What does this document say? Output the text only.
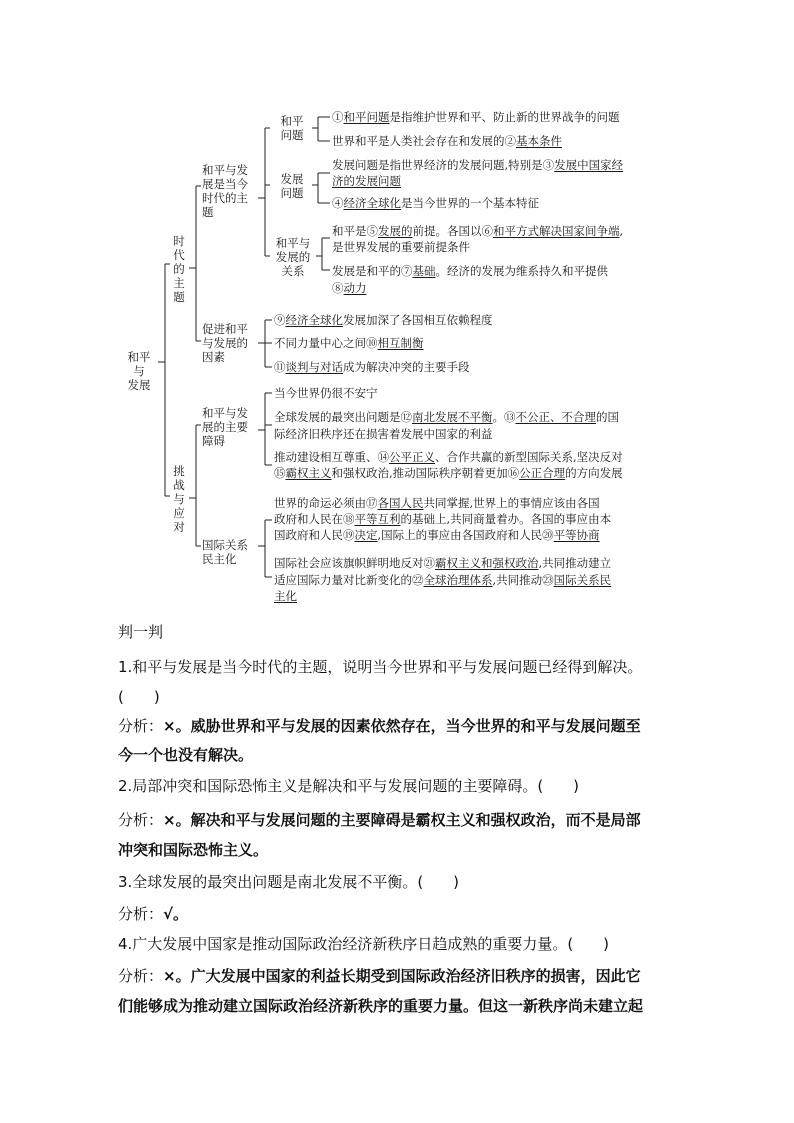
和平
与
发展
时
代
的
主
题
挑
战
与
应
对
和平与发
展是当今
时代的主
题
促进和平
与发展的
因素
和平与发
展的主要
障碍
国际关系
民主化
和平
问题
发展
问题
和平与
发展的
关系
①和平问题是指维护世界和平、防止新的世界战争的问题
世界和平是人类社会存在和发展的②基本条件
发展问题是指世界经济的发展问题,特别是③发展中国家经
济的发展问题
④经济全球化是当今世界的一个基本特征
和平是⑤发展的前提。各国以⑥和平方式解决国家间争端,
是世界发展的重要前提条件
发展是和平的⑦基础。经济的发展为维系持久和平提供
⑧动力
⑨经济全球化发展加深了各国相互依赖程度
不同力量中心之间⑩相互制衡
⑪谈判与对话成为解决冲突的主要手段
当今世界仍很不安宁
全球发展的最突出问题是⑫南北发展不平衡。⑬不公正、不合理的国
际经济旧秩序还在损害着发展中国家的利益
推动建设相互尊重、⑭公平正义、合作共赢的新型国际关系,坚决反对
⑮霸权主义和强权政治,推动国际秩序朝着更加⑯公正合理的方向发展
世界的命运必须由⑰各国人民共同掌握,世界上的事情应该由各国
政府和人民在⑱平等互利的基础上,共同商量着办。各国的事应由本
国政府和人民⑲决定,国际上的事应由各国政府和人民⑳平等协商
国际社会应该旗帜鲜明地反对㉑霸权主义和强权政治,共同推动建立
适应国际力量对比新变化的㉒全球治理体系,共同推动㉓国际关系民
主化
判一判
1.和平与发展是当今时代的主题，说明当今世界和平与发展问题已经得到解决。
(　　)
分析：×。威胁世界和平与发展的因素依然存在，当今世界的和平与发展问题至
今一个也没有解决。
2.局部冲突和国际恐怖主义是解决和平与发展问题的主要障碍。(　　)
分析：×。解决和平与发展问题的主要障碍是霸权主义和强权政治，而不是局部
冲突和国际恐怖主义。
3.全球发展的最突出问题是南北发展不平衡。(　　)
分析：√。
4.广大发展中国家是推动国际政治经济新秩序日趋成熟的重要力量。(　　)
分析：×。广大发展中国家的利益长期受到国际政治经济旧秩序的损害，因此它
们能够成为推动建立国际政治经济新秩序的重要力量。但这一新秩序尚未建立起
